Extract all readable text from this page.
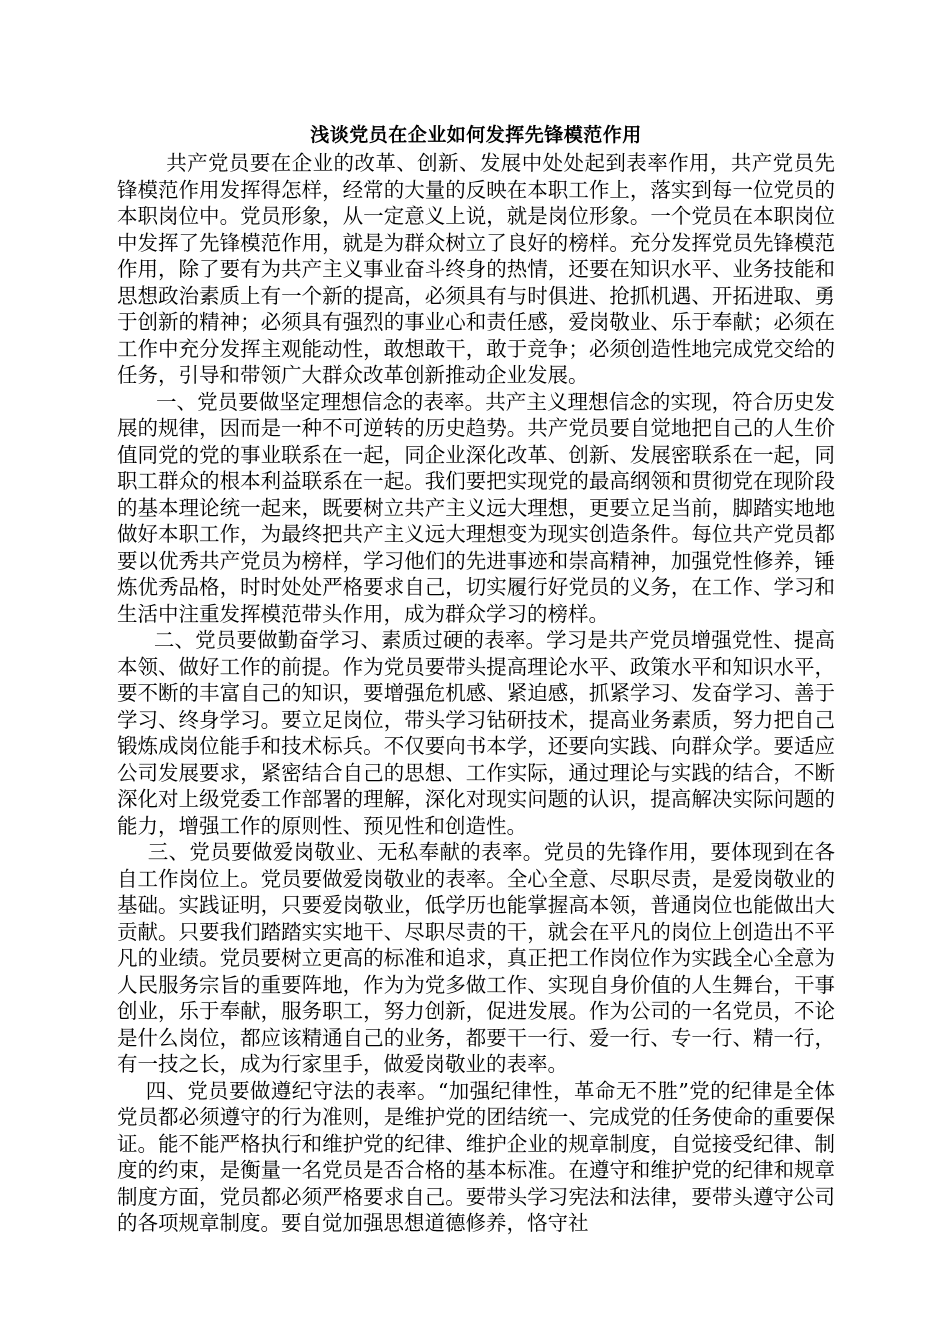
浅谈党员在企业如何发挥先锋模范作用

共产党员要在企业的改革、创新、发展中处处起到表率作用，共产党员先锋模范作用发挥得怎样，经常的大量的反映在本职工作上，落实到每一位党员的本职岗位中。党员形象，从一定意义上说，就是岗位形象。一个党员在本职岗位中发挥了先锋模范作用，就是为群众树立了良好的榜样。充分发挥党员先锋模范作用，除了要有为共产主义事业奋斗终身的热情，还要在知识水平、业务技能和思想政治素质上有一个新的提高，必须具有与时俱进、抢抓机遇、开拓进取、勇于创新的精神；必须具有强烈的事业心和责任感，爱岗敬业、乐于奉献；必须在工作中充分发挥主观能动性，敢想敢干，敢于竞争；必须创造性地完成党交给的任务，引导和带领广大群众改革创新推动企业发展。

一、党员要做坚定理想信念的表率。共产主义理想信念的实现，符合历史发展的规律，因而是一种不可逆转的历史趋势。共产党员要自觉地把自己的人生价值同党的党的事业联系在一起，同企业深化改革、创新、发展密联系在一起，同职工群众的根本利益联系在一起。我们要把实现党的最高纲领和贯彻党在现阶段的基本理论统一起来，既要树立共产主义远大理想，更要立足当前，脚踏实地地做好本职工作，为最终把共产主义远大理想变为现实创造条件。每位共产党员都要以优秀共产党员为榜样，学习他们的先进事迹和崇高精神，加强党性修养，锤炼优秀品格，时时处处严格要求自己，切实履行好党员的义务，在工作、学习和生活中注重发挥模范带头作用，成为群众学习的榜样。

二、党员要做勤奋学习、素质过硬的表率。学习是共产党员增强党性、提高本领、做好工作的前提。作为党员要带头提高理论水平、政策水平和知识水平，要不断的丰富自己的知识，要增强危机感、紧迫感，抓紧学习、发奋学习、善于学习、终身学习。要立足岗位，带头学习钻研技术，提高业务素质，努力把自己锻炼成岗位能手和技术标兵。不仅要向书本学，还要向实践、向群众学。要适应公司发展要求，紧密结合自己的思想、工作实际，通过理论与实践的结合，不断深化对上级党委工作部署的理解，深化对现实问题的认识，提高解决实际问题的能力，增强工作的原则性、预见性和创造性。

三、党员要做爱岗敬业、无私奉献的表率。党员的先锋作用，要体现到在各自工作岗位上。党员要做爱岗敬业的表率。全心全意、尽职尽责，是爱岗敬业的基础。实践证明，只要爱岗敬业，低学历也能掌握高本领，普通岗位也能做出大贡献。只要我们踏踏实实地干、尽职尽责的干，就会在平凡的岗位上创造出不平凡的业绩。党员要树立更高的标准和追求，真正把工作岗位作为实践全心全意为人民服务宗旨的重要阵地，作为为党多做工作、实现自身价值的人生舞台，干事创业，乐于奉献，服务职工，努力创新，促进发展。作为公司的一名党员，不论是什么岗位，都应该精通自己的业务，都要干一行、爱一行、专一行、精一行，有一技之长，成为行家里手，做爱岗敬业的表率。

四、党员要做遵纪守法的表率。“加强纪律性，革命无不胜”党的纪律是全体党员都必须遵守的行为准则，是维护党的团结统一、完成党的任务使命的重要保证。能不能严格执行和维护党的纪律、维护企业的规章制度，自觉接受纪律、制度的约束，是衡量一名党员是否合格的基本标准。在遵守和维护党的纪律和规章制度方面，党员都必须严格要求自己。要带头学习宪法和法律，要带头遵守公司的各项规章制度。要自觉加强思想道德修养，恪守社
